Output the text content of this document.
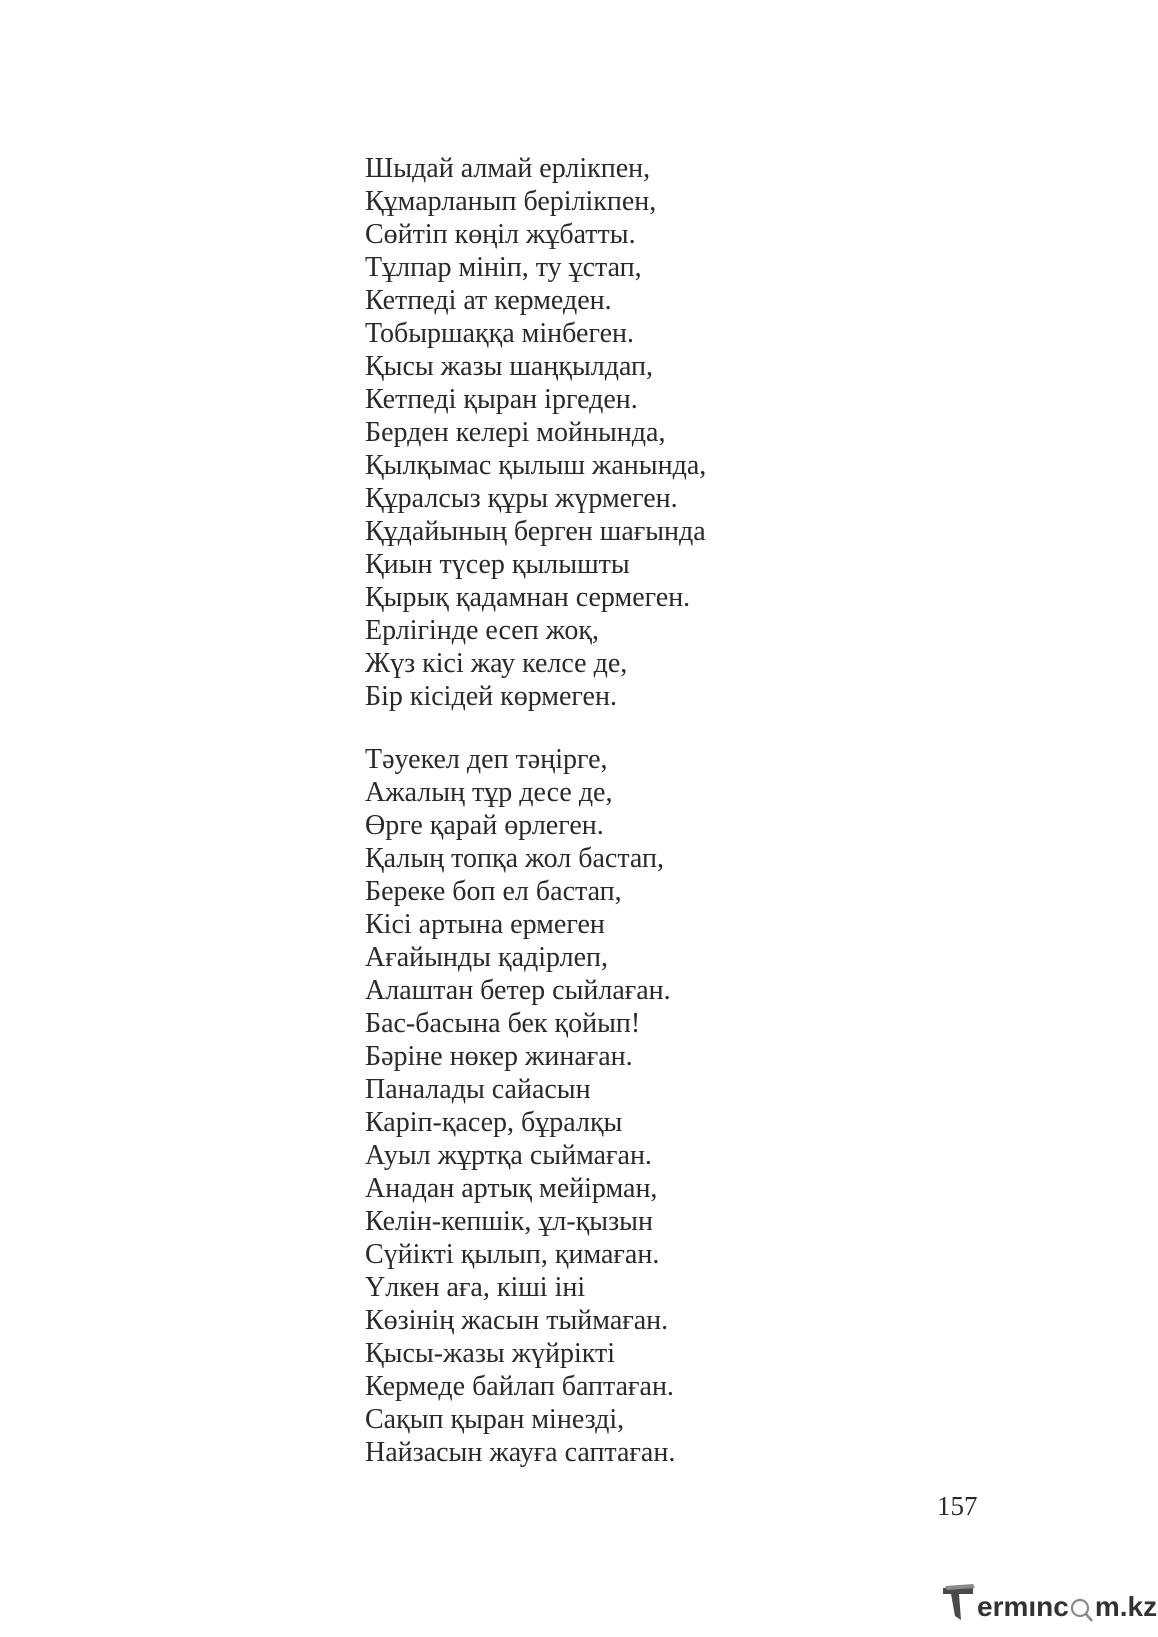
Шыдай алмай ерлікпен,
Құмарланып берілікпен,
Сөйтіп көңіл жұбатты.
Тұлпар мініп, ту ұстап,
Кетпеді ат кермеден.
Тобыршаққа мінбеген.
Қысы жазы шаңқылдап,
Кетпеді қыран іргеден.
Берден келері мойнында,
Қылқымас қылыш жанында,
Құралсыз құры жүрмеген.
Құдайының берген шағында
Қиын түсер қылышты
Қырық қадамнан сермеген.
Ерлігінде есеп жоқ,
Жүз кісі жау келсе де,
Бір кісідей көрмеген.
Тәуекел деп тәңірге,
Ажалың тұр десе де,
Өрге қарай өрлеген.
Қалың топқа жол бастап,
Береке боп ел бастап,
Кісі артына ермеген
Ағайынды қадірлеп,
Алаштан бетер сыйлаған.
Бас-басына бек қойып!
Бәріне нөкер жинаған.
Паналады сайасын
Каріп-қасер, бұралқы
Ауыл жұртқа сыймаған.
Анадан артық мейірман,
Келін-кепшік, ұл-қызын
Сүйікті қылып, қимаған.
Үлкен аға, кіші іні
Көзінің жасын тыймаған.
Қысы-жазы жүйрікті
Кермеде байлап баптаған.
Сақып қыран мінезді,
Найзасын жауға саптаған.
157
ermınc m.kz
